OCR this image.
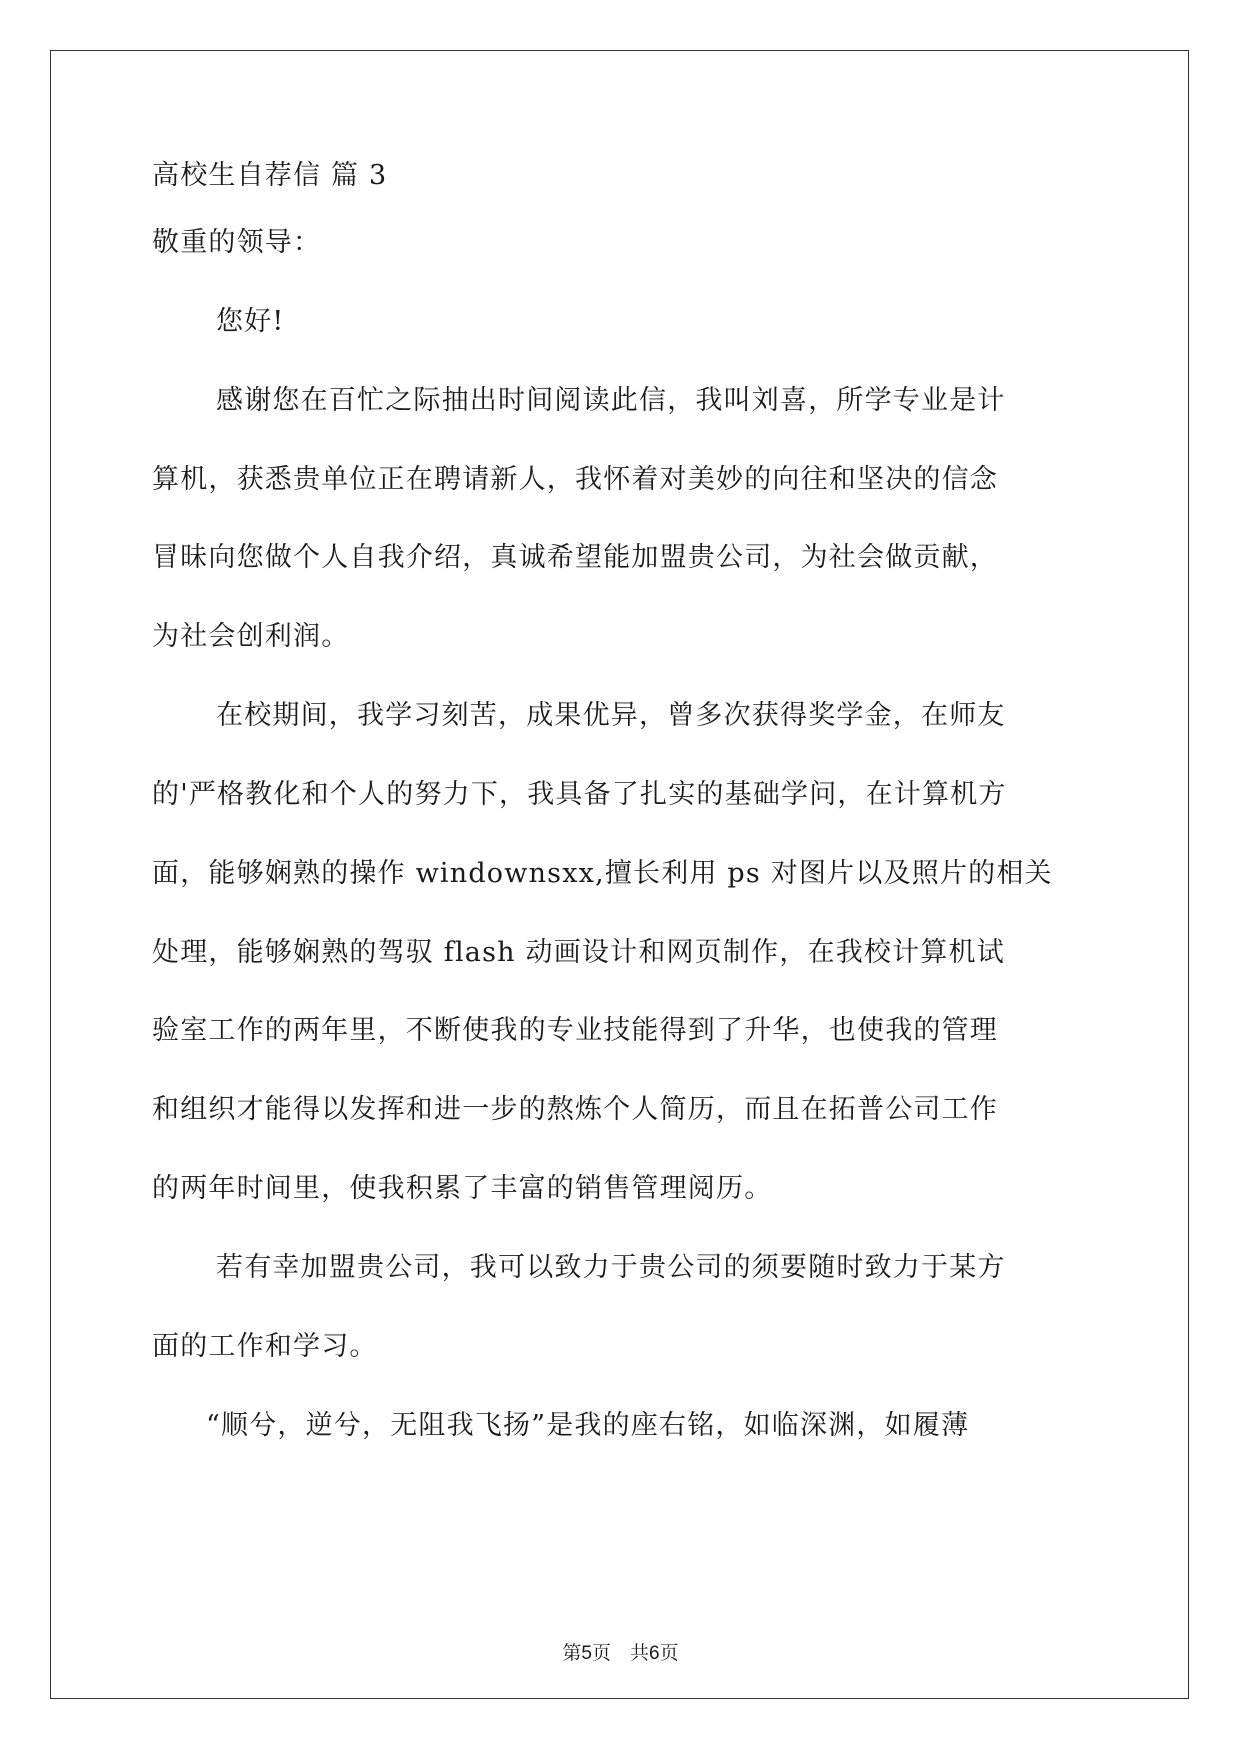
高校生自荐信 篇 3
敬重的领导：
您好!
感谢您在百忙之际抽出时间阅读此信，我叫刘喜，所学专业是计
算机，获悉贵单位正在聘请新人，我怀着对美妙的向往和坚决的信念
冒昧向您做个人自我介绍，真诚希望能加盟贵公司，为社会做贡献，
为社会创利润。
在校期间，我学习刻苦，成果优异，曾多次获得奖学金，在师友
的'严格教化和个人的努力下，我具备了扎实的基础学问，在计算机方
面，能够娴熟的操作 windownsxx,擅长利用 ps 对图片以及照片的相关
处理，能够娴熟的驾驭 flash 动画设计和网页制作，在我校计算机试
验室工作的两年里，不断使我的专业技能得到了升华，也使我的管理
和组织才能得以发挥和进一步的熬炼个人简历，而且在拓普公司工作
的两年时间里，使我积累了丰富的销售管理阅历。
若有幸加盟贵公司，我可以致力于贵公司的须要随时致力于某方
面的工作和学习。
“顺兮，逆兮，无阻我飞扬”是我的座右铭，如临深渊，如履薄
第5页　共6页
